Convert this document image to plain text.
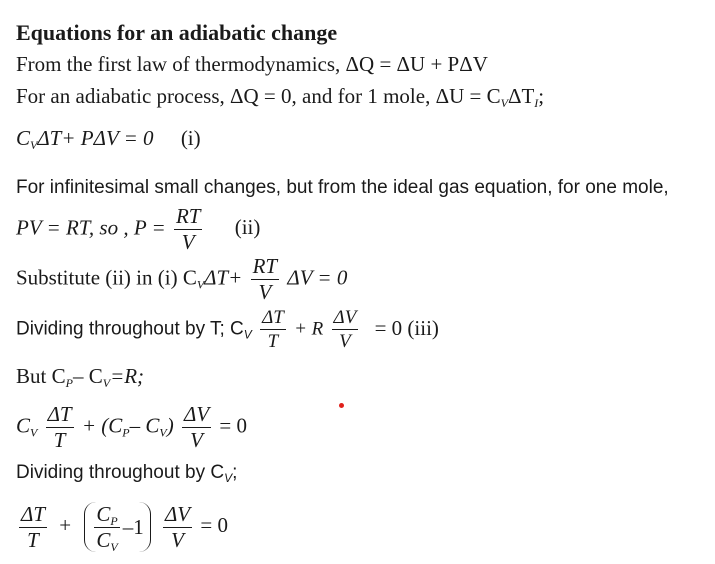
Equations for an adiabatic change
From the first law of thermodynamics, ΔQ = ΔU + PΔV
For an adiabatic process, ΔQ = 0, and for 1 mole, $\Delta U = C_V\Delta T_I$;
$C_V\Delta T+ P\Delta V = 0$ (i)
For infinitesimal small changes, but from the ideal gas equation, for one mole,
PV = RT, so , $P = \frac{RT}{V} (ii)$
Substitute (ii) in (i) $C_V\Delta T+ \frac{RT}{V}$ ΔV = 0
Dividing throughout by T; $C_V \frac{\Delta T}{T} + R \frac{\Delta V}{V} = 0$ (iii)
But $C_P-$ $C_V=R$;
$C_V \frac{\Delta T}{T} + (C_P-$ $C_V) \frac{\Delta V}{V} = 0$
Dividing throughout by $C_V$;
$\frac{\Delta T}{T} + \frac{C_P}{C_V} -1$
$\frac{\Delta V}{V} = 0$
